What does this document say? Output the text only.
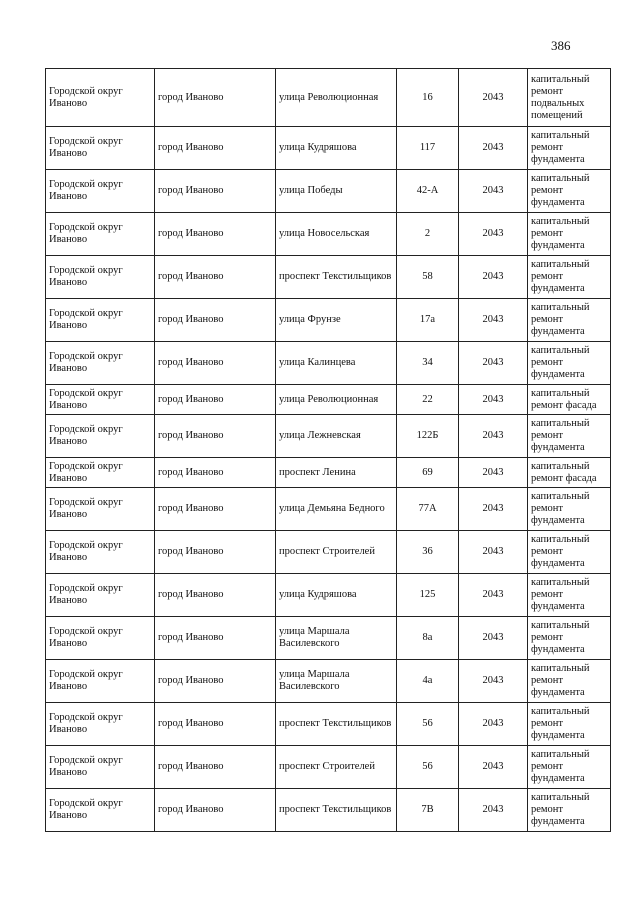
386
Городской округ Иваново	город Иваново	улица Революционная	16	2043	капитальный ремонт подвальных помещений
Городской округ Иваново	город Иваново	улица Кудряшова	117	2043	капитальный ремонт фундамента
Городской округ Иваново	город Иваново	улица Победы	42-А	2043	капитальный ремонт фундамента
Городской округ Иваново	город Иваново	улица Новосельская	2	2043	капитальный ремонт фундамента
Городской округ Иваново	город Иваново	проспект Текстильщиков	58	2043	капитальный ремонт фундамента
Городской округ Иваново	город Иваново	улица Фрунзе	17а	2043	капитальный ремонт фундамента
Городской округ Иваново	город Иваново	улица Калинцева	34	2043	капитальный ремонт фундамента
Городской округ Иваново	город Иваново	улица Революционная	22	2043	капитальный ремонт фасада
Городской округ Иваново	город Иваново	улица Лежневская	122Б	2043	капитальный ремонт фундамента
Городской округ Иваново	город Иваново	проспект Ленина	69	2043	капитальный ремонт фасада
Городской округ Иваново	город Иваново	улица Демьяна Бедного	77А	2043	капитальный ремонт фундамента
Городской округ Иваново	город Иваново	проспект Строителей	36	2043	капитальный ремонт фундамента
Городской округ Иваново	город Иваново	улица Кудряшова	125	2043	капитальный ремонт фундамента
Городской округ Иваново	город Иваново	улица Маршала Василевского	8а	2043	капитальный ремонт фундамента
Городской округ Иваново	город Иваново	улица Маршала Василевского	4а	2043	капитальный ремонт фундамента
Городской округ Иваново	город Иваново	проспект Текстильщиков	56	2043	капитальный ремонт фундамента
Городской округ Иваново	город Иваново	проспект Строителей	56	2043	капитальный ремонт фундамента
Городской округ Иваново	город Иваново	проспект Текстильщиков	7В	2043	капитальный ремонт фундамента
